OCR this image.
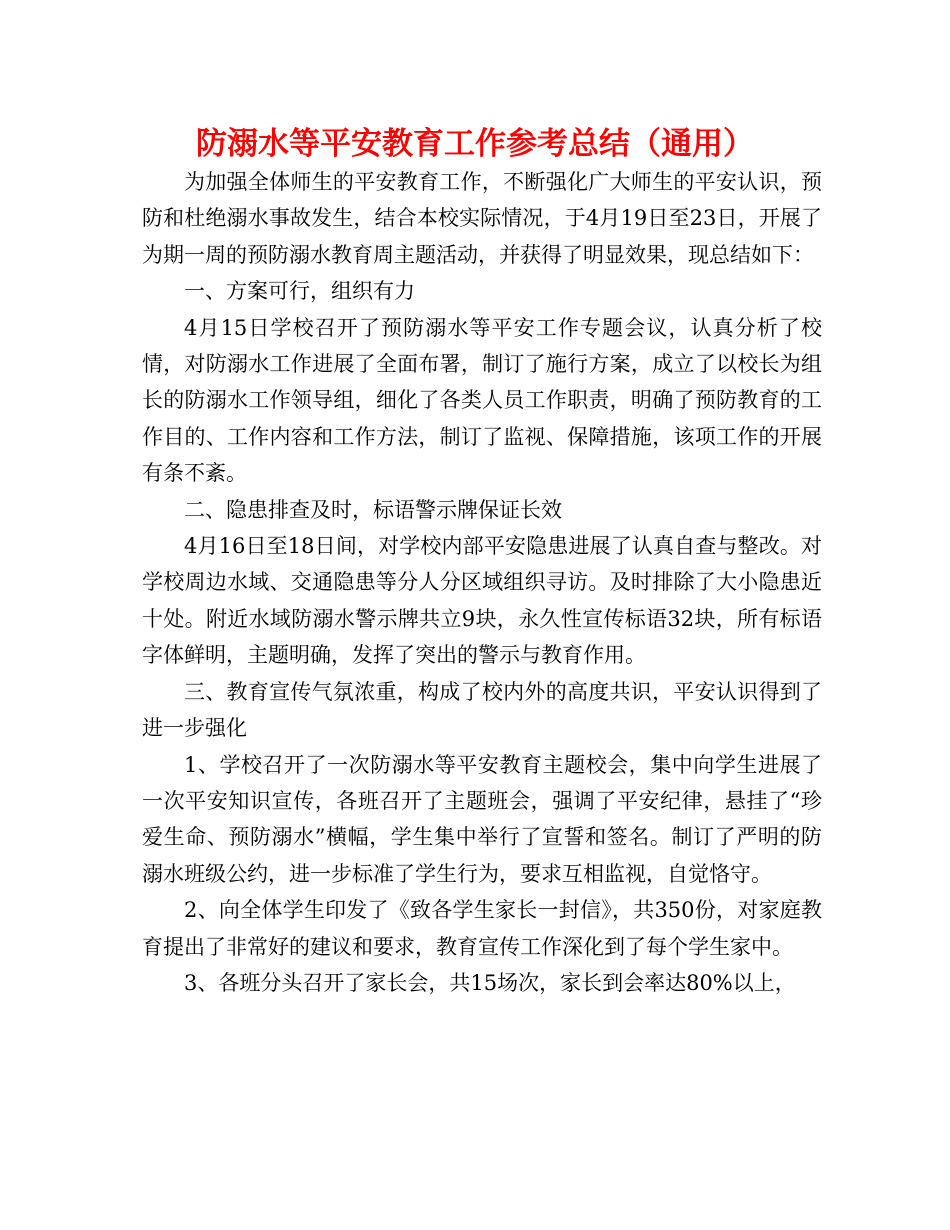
防溺水等平安教育工作参考总结（通用）

为加强全体师生的平安教育工作，不断强化广大师生的平安认识，预防和杜绝溺水事故发生，结合本校实际情况，于4月19日至23日，开展了为期一周的预防溺水教育周主题活动，并获得了明显效果，现总结如下：

一、方案可行，组织有力

4月15日学校召开了预防溺水等平安工作专题会议，认真分析了校情，对防溺水工作进展了全面布署，制订了施行方案，成立了以校长为组长的防溺水工作领导组，细化了各类人员工作职责，明确了预防教育的工作目的、工作内容和工作方法，制订了监视、保障措施，该项工作的开展有条不紊。

二、隐患排查及时，标语警示牌保证长效

4月16日至18日间，对学校内部平安隐患进展了认真自查与整改。对学校周边水域、交通隐患等分人分区域组织寻访。及时排除了大小隐患近十处。附近水域防溺水警示牌共立9块，永久性宣传标语32块，所有标语字体鲜明，主题明确，发挥了突出的警示与教育作用。

三、教育宣传气氛浓重，构成了校内外的高度共识，平安认识得到了进一步强化

1、学校召开了一次防溺水等平安教育主题校会，集中向学生进展了一次平安知识宣传，各班召开了主题班会，强调了平安纪律，悬挂了“珍爱生命、预防溺水”横幅，学生集中举行了宣誓和签名。制订了严明的防溺水班级公约，进一步标准了学生行为，要求互相监视，自觉恪守。

2、向全体学生印发了《致各学生家长一封信》，共350份，对家庭教育提出了非常好的建议和要求，教育宣传工作深化到了每个学生家中。

3、各班分头召开了家长会，共15场次，家长到会率达80%以上，
